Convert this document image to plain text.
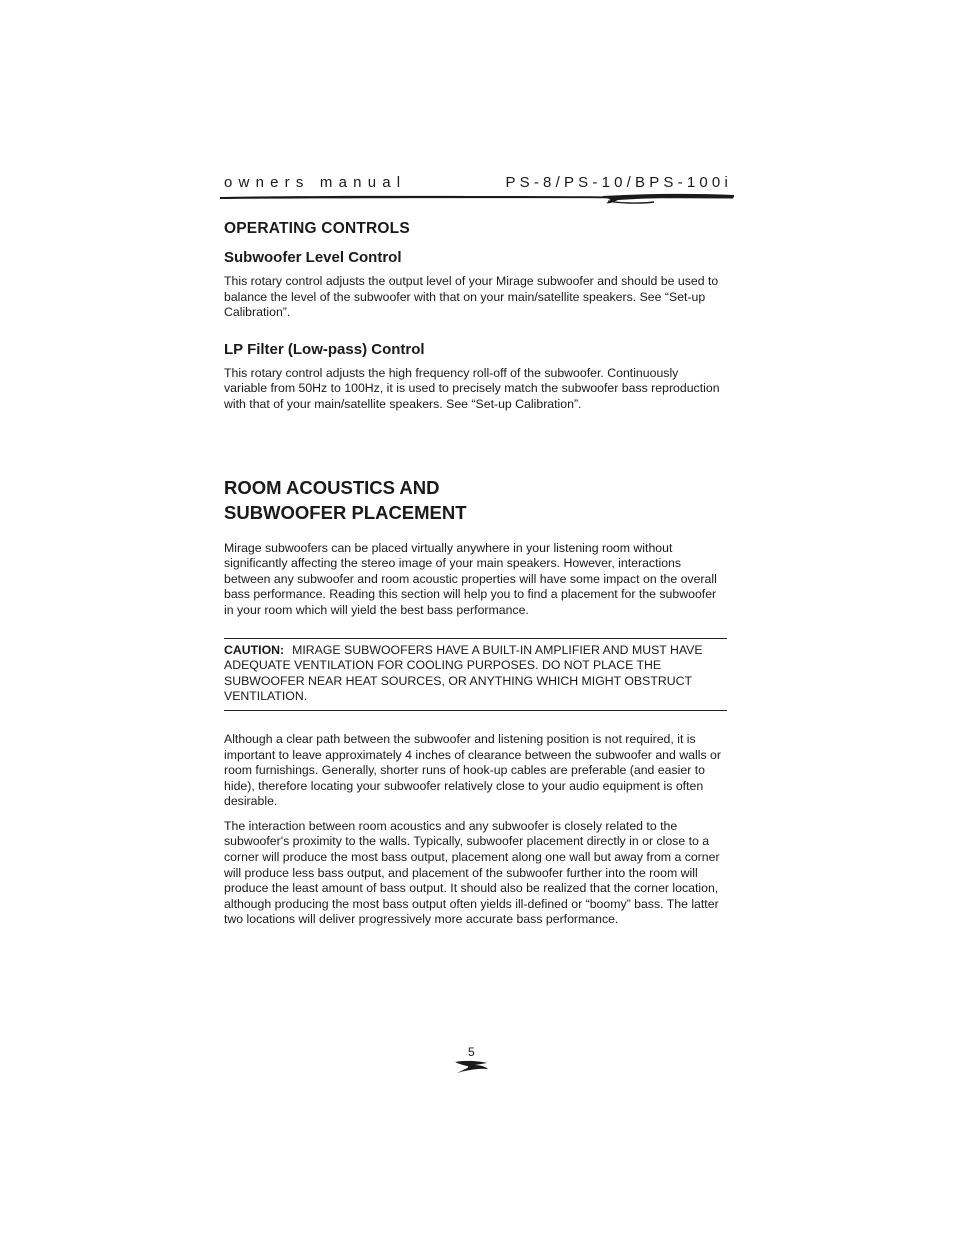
owners manual	PS-8/PS-10/BPS-100i
OPERATING CONTROLS
Subwoofer Level Control

This rotary control adjusts the output level of your Mirage subwoofer and should be used to balance the level of the subwoofer with that on your main/satellite speakers. See “Set-up Calibration”.

LP Filter (Low-pass) Control

This rotary control adjusts the high frequency roll-off of the subwoofer. Continuously variable from 50Hz to 100Hz, it is used to precisely match the subwoofer bass reproduction with that of your main/satellite speakers. See “Set-up Calibration”.

ROOM ACOUSTICS AND
SUBWOOFER PLACEMENT

Mirage subwoofers can be placed virtually anywhere in your listening room without significantly affecting the stereo image of your main speakers. However, interactions between any subwoofer and room acoustic properties will have some impact on the overall bass performance. Reading this section will help you to find a placement for the subwoofer in your room which will yield the best bass performance.

CAUTION: MIRAGE SUBWOOFERS HAVE A BUILT-IN AMPLIFIER AND MUST HAVE ADEQUATE VENTILATION FOR COOLING PURPOSES. DO NOT PLACE THE SUBWOOFER NEAR HEAT SOURCES, OR ANYTHING WHICH MIGHT OBSTRUCT VENTILATION.

Although a clear path between the subwoofer and listening position is not required, it is important to leave approximately 4 inches of clearance between the subwoofer and walls or room furnishings. Generally, shorter runs of hook-up cables are preferable (and easier to hide), therefore locating your subwoofer relatively close to your audio equipment is often desirable.

The interaction between room acoustics and any subwoofer is closely related to the subwoofer's proximity to the walls. Typically, subwoofer placement directly in or close to a corner will produce the most bass output, placement along one wall but away from a corner will produce less bass output, and placement of the subwoofer further into the room will produce the least amount of bass output. It should also be realized that the corner location, although producing the most bass output often yields ill-defined or “boomy” bass. The latter two locations will deliver progressively more accurate bass performance.

5
